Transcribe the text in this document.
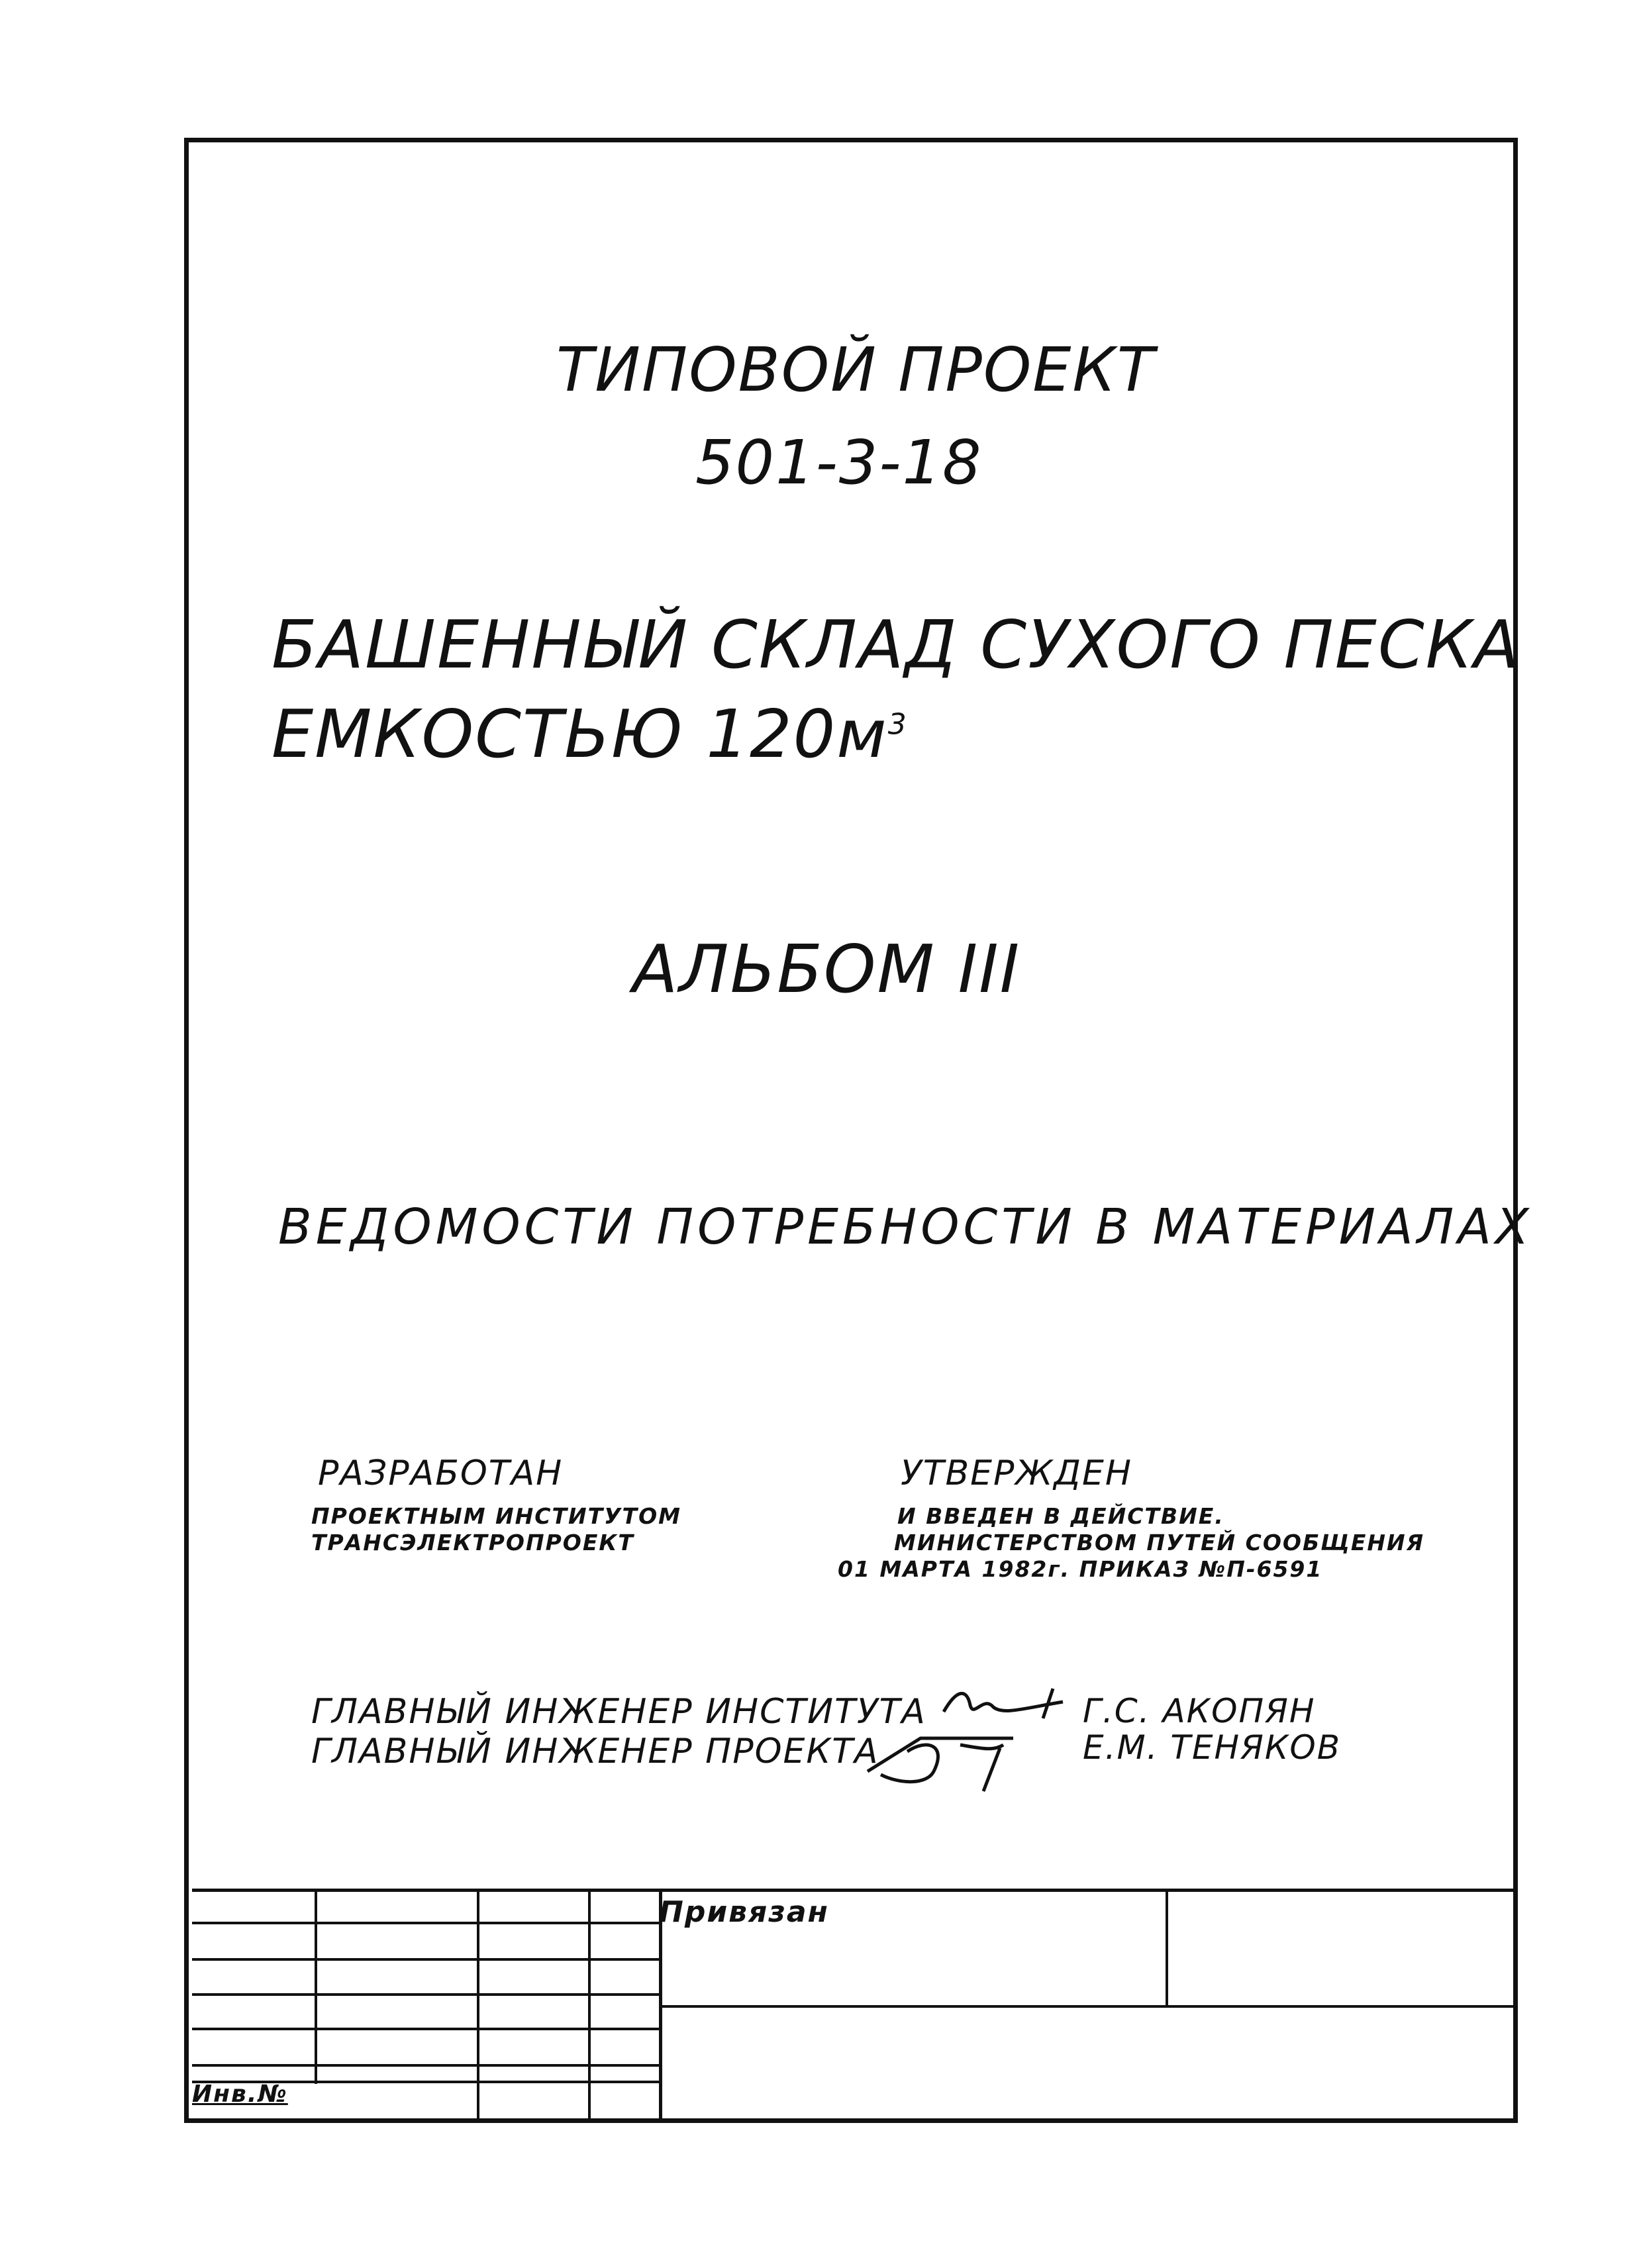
ТИПОВОЙ ПРОЕКТ
501-3-18
БАШЕННЫЙ СКЛАД СУХОГО ПЕСКА
ЕМКОСТЬЮ $120м^3$
АЛЬБОМ III
ВЕДОМОСТИ ПОТРЕБНОСТИ В МАТЕРИАЛАХ
РАЗРАБОТАН
ПРОЕКТНЫМ ИНСТИТУТОМ
ТРАНСЭЛЕКТРОПРОЕКТ
УТВЕРЖДЕН
И ВВЕДЕН В ДЕЙСТВИЕ.
МИНИСТЕРСТВОМ ПУТЕЙ СООБЩЕНИЯ
01 МАРТА 1982г. ПРИКАЗ №П-6591
ГЛАВНЫЙ ИНЖЕНЕР ИНСТИТУТА
ГЛАВНЫЙ ИНЖЕНЕР ПРОЕКТА
Г.С. АКОПЯН
Е.М. ТЕНЯКОВ
Привязан
Инв.№
